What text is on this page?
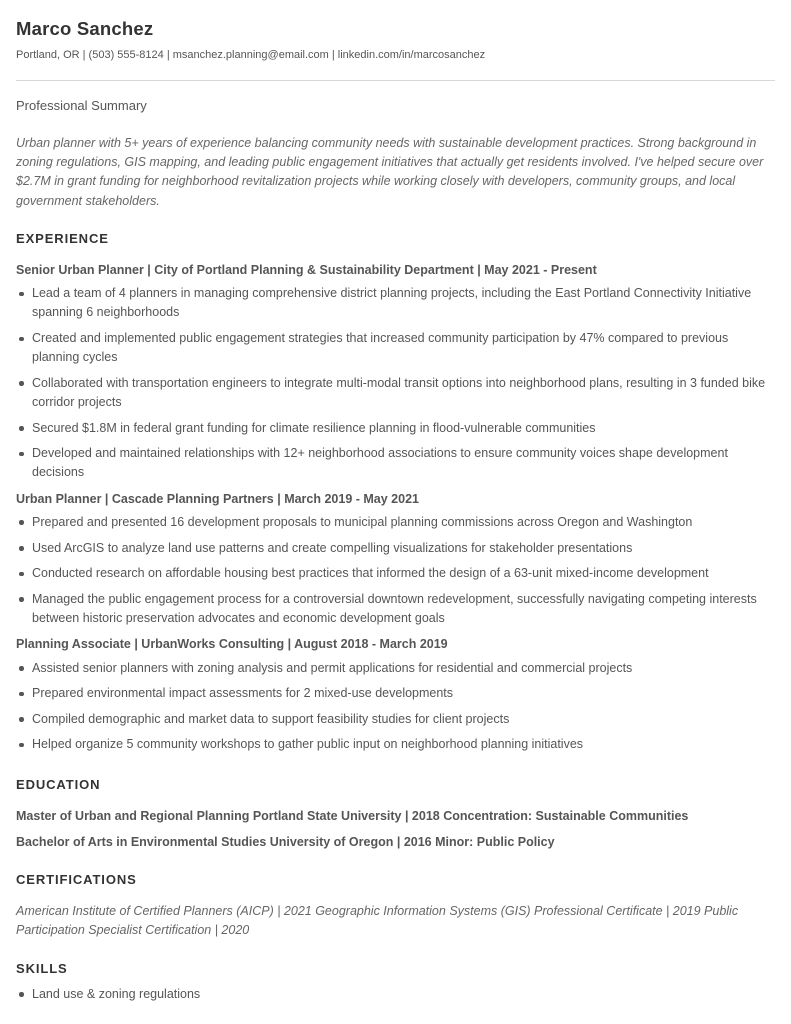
Marco Sanchez
Portland, OR | (503) 555-8124 | msanchez.planning@email.com | linkedin.com/in/marcosanchez
Professional Summary
Urban planner with 5+ years of experience balancing community needs with sustainable development practices. Strong background in zoning regulations, GIS mapping, and leading public engagement initiatives that actually get residents involved. I've helped secure over $2.7M in grant funding for neighborhood revitalization projects while working closely with developers, community groups, and local government stakeholders.
EXPERIENCE
Senior Urban Planner | City of Portland Planning & Sustainability Department | May 2021 - Present
Lead a team of 4 planners in managing comprehensive district planning projects, including the East Portland Connectivity Initiative spanning 6 neighborhoods
Created and implemented public engagement strategies that increased community participation by 47% compared to previous planning cycles
Collaborated with transportation engineers to integrate multi-modal transit options into neighborhood plans, resulting in 3 funded bike corridor projects
Secured $1.8M in federal grant funding for climate resilience planning in flood-vulnerable communities
Developed and maintained relationships with 12+ neighborhood associations to ensure community voices shape development decisions
Urban Planner | Cascade Planning Partners | March 2019 - May 2021
Prepared and presented 16 development proposals to municipal planning commissions across Oregon and Washington
Used ArcGIS to analyze land use patterns and create compelling visualizations for stakeholder presentations
Conducted research on affordable housing best practices that informed the design of a 63-unit mixed-income development
Managed the public engagement process for a controversial downtown redevelopment, successfully navigating competing interests between historic preservation advocates and economic development goals
Planning Associate | UrbanWorks Consulting | August 2018 - March 2019
Assisted senior planners with zoning analysis and permit applications for residential and commercial projects
Prepared environmental impact assessments for 2 mixed-use developments
Compiled demographic and market data to support feasibility studies for client projects
Helped organize 5 community workshops to gather public input on neighborhood planning initiatives
EDUCATION
Master of Urban and Regional Planning Portland State University | 2018 Concentration: Sustainable Communities
Bachelor of Arts in Environmental Studies University of Oregon | 2016 Minor: Public Policy
CERTIFICATIONS
American Institute of Certified Planners (AICP) | 2021 Geographic Information Systems (GIS) Professional Certificate | 2019 Public Participation Specialist Certification | 2020
SKILLS
Land use & zoning regulations
